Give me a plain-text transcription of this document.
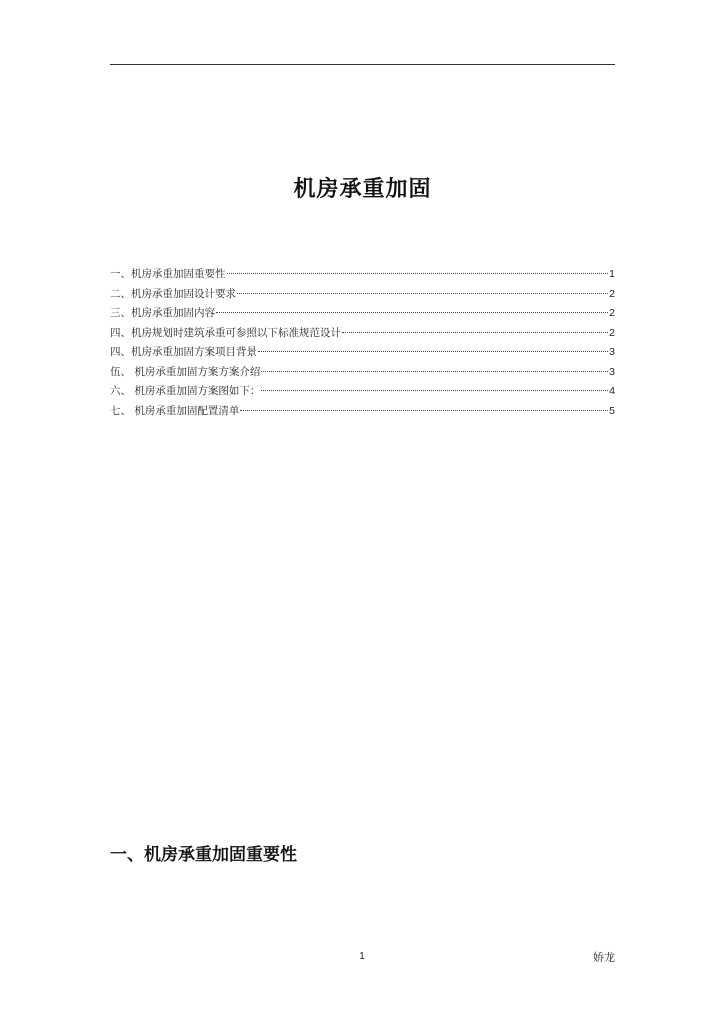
机房承重加固
一、机房承重加固重要性	1
二、机房承重加固设计要求	2
三、机房承重加固内容	2
四、机房规划时建筑承重可参照以下标准规范设计	2
四、机房承重加固方案项目背景	3
伍、 机房承重加固方案方案介绍	3
六、 机房承重加固方案图如下：	4
七、 机房承重加固配置清单	5
一、机房承重加固重要性
1	娇龙
